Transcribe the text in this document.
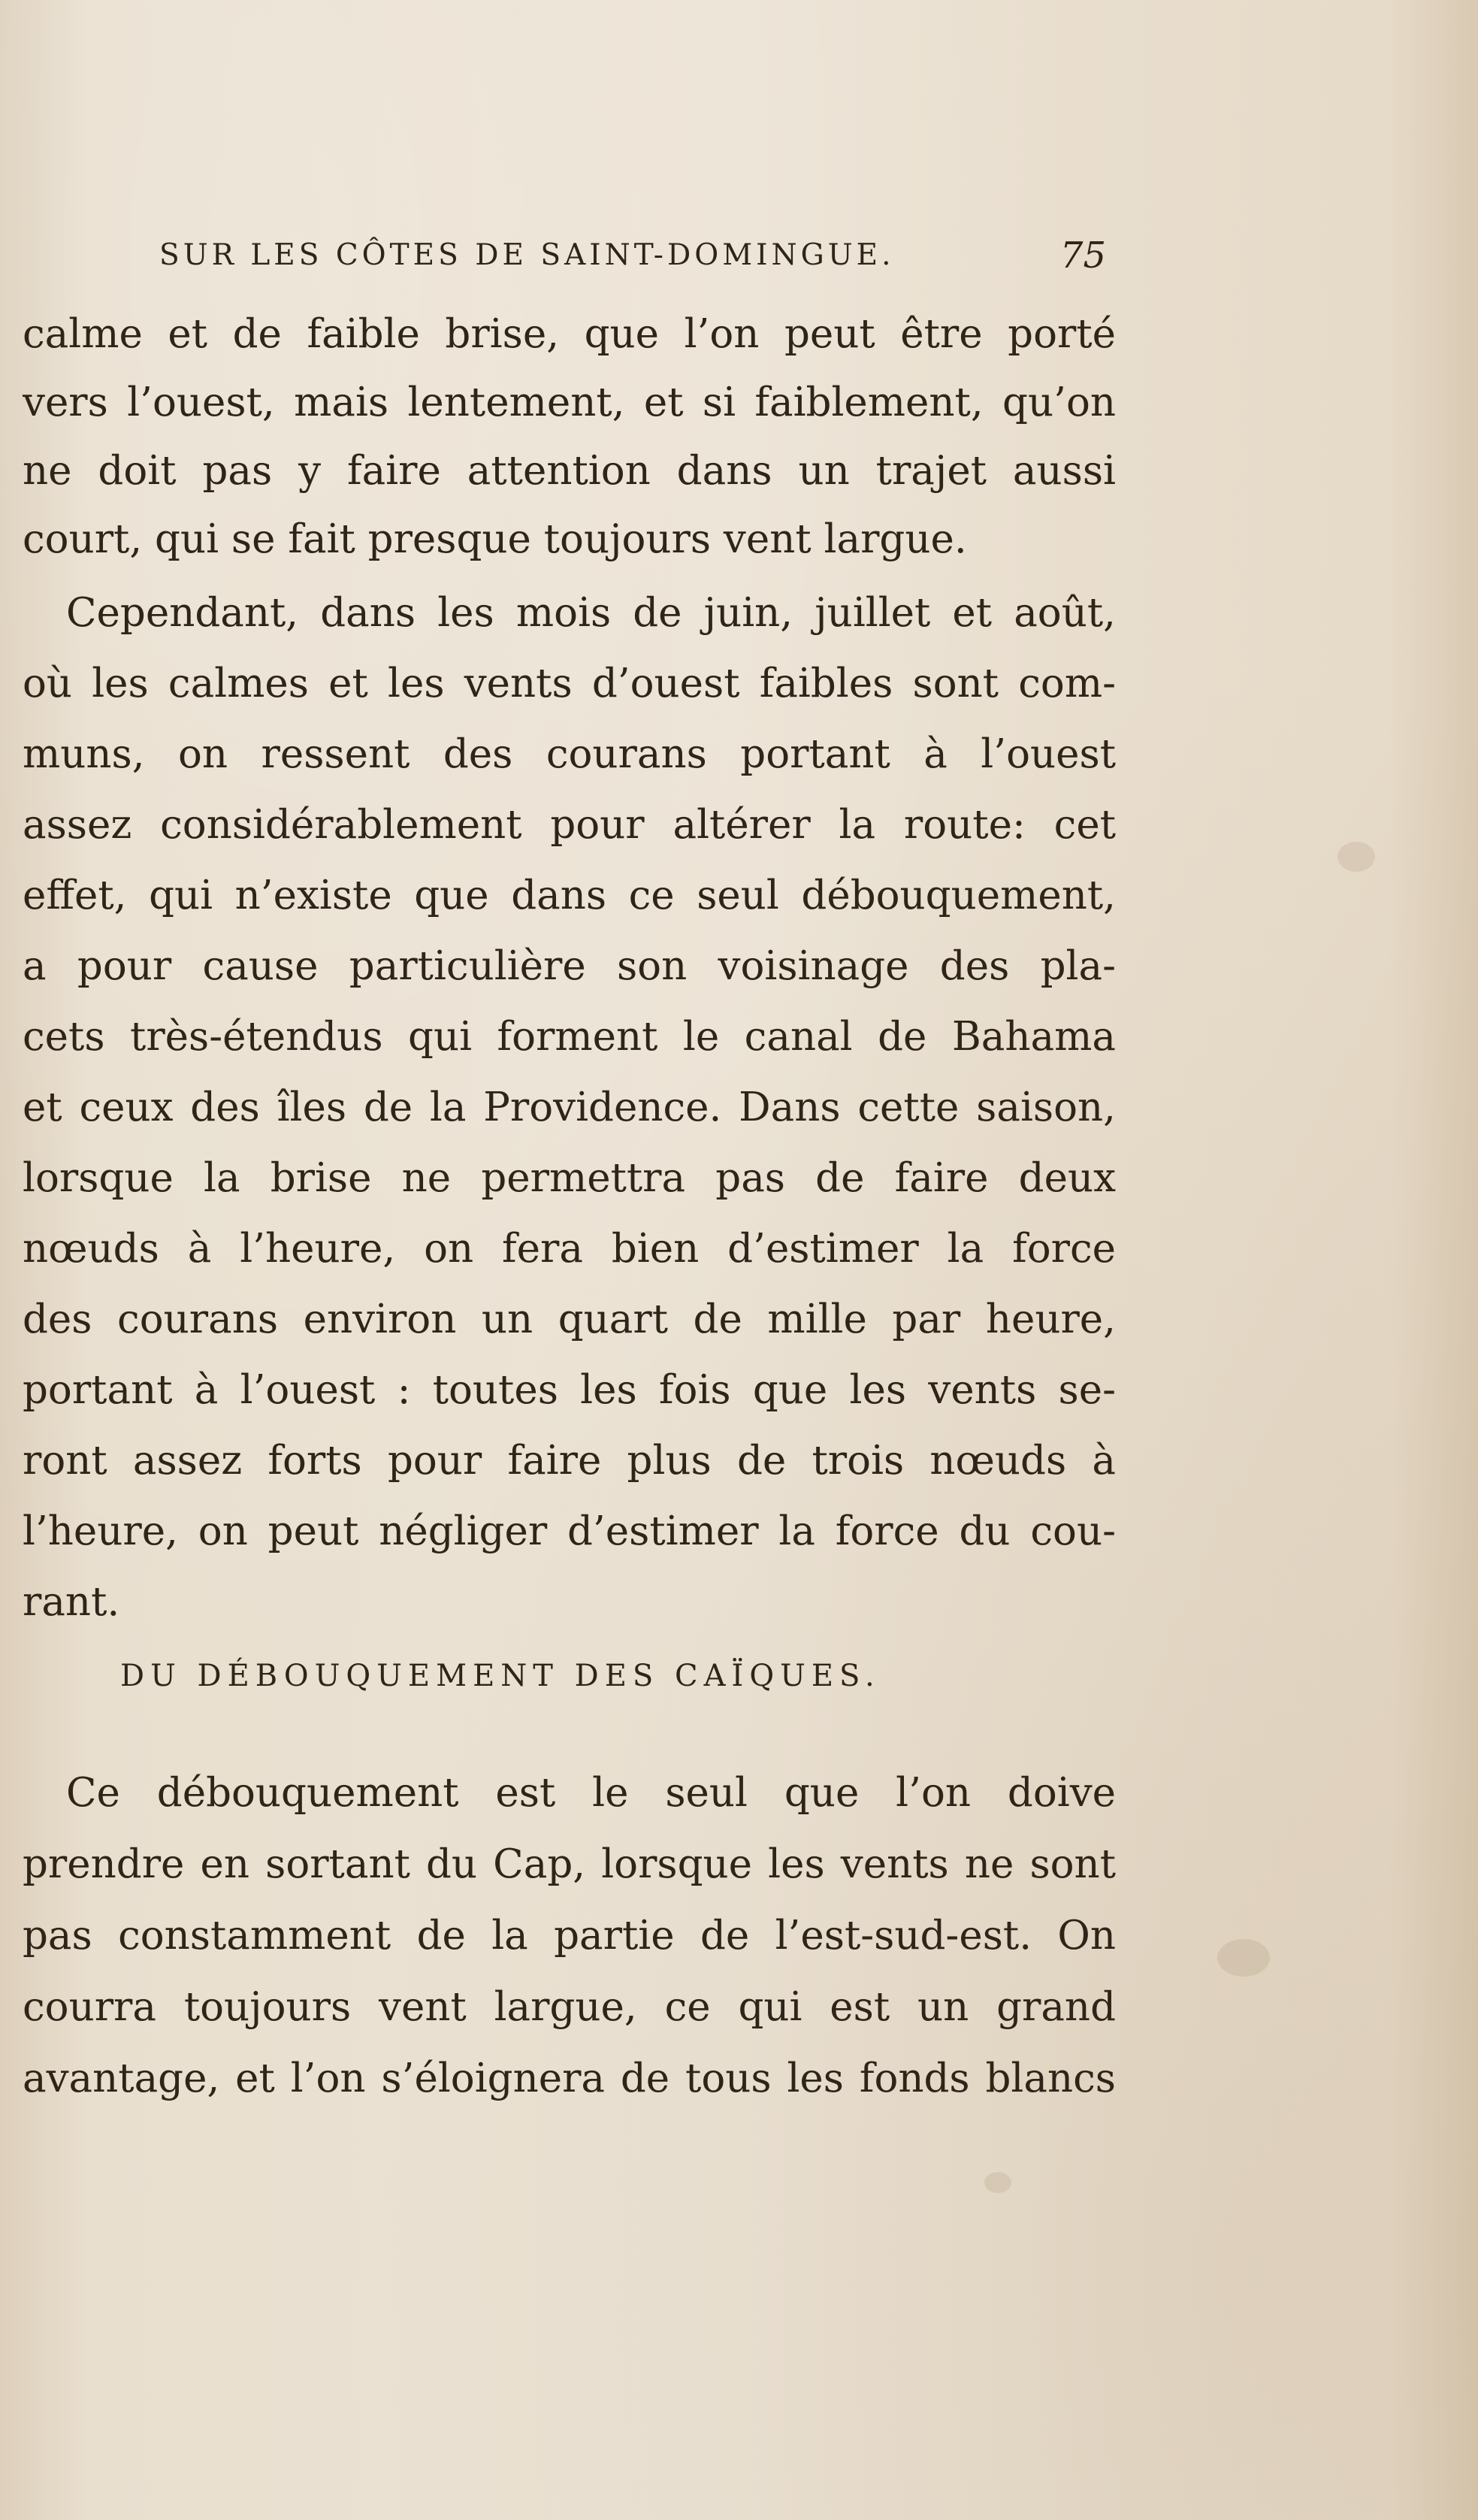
SUR LES CÔTES DE SAINT-DOMINGUE.	75
calme et de faible brise, que l’on peut être porté
vers l’ouest, mais lentement, et si faiblement, qu’on
ne doit pas y faire attention dans un trajet aussi
court, qui se fait presque toujours vent largue.
Cependant, dans les mois de juin, juillet et août,
où les calmes et les vents d’ouest faibles sont com-
muns, on ressent des courans portant à l’ouest
assez considérablement pour altérer la route: cet
effet, qui n’existe que dans ce seul débouquement,
a pour cause particulière son voisinage des pla-
cets très-étendus qui forment le canal de Bahama
et ceux des îles de la Providence. Dans cette saison,
lorsque la brise ne permettra pas de faire deux
nœuds à l’heure, on fera bien d’estimer la force
des courans environ un quart de mille par heure,
portant à l’ouest : toutes les fois que les vents se-
ront assez forts pour faire plus de trois nœuds à
l’heure, on peut négliger d’estimer la force du cou-
rant.
DU DÉBOUQUEMENT DES CAÏQUES.
Ce débouquement est le seul que l’on doive
prendre en sortant du Cap, lorsque les vents ne sont
pas constamment de la partie de l’est-sud-est. On
courra toujours vent largue, ce qui est un grand
avantage, et l’on s’éloignera de tous les fonds blancs
